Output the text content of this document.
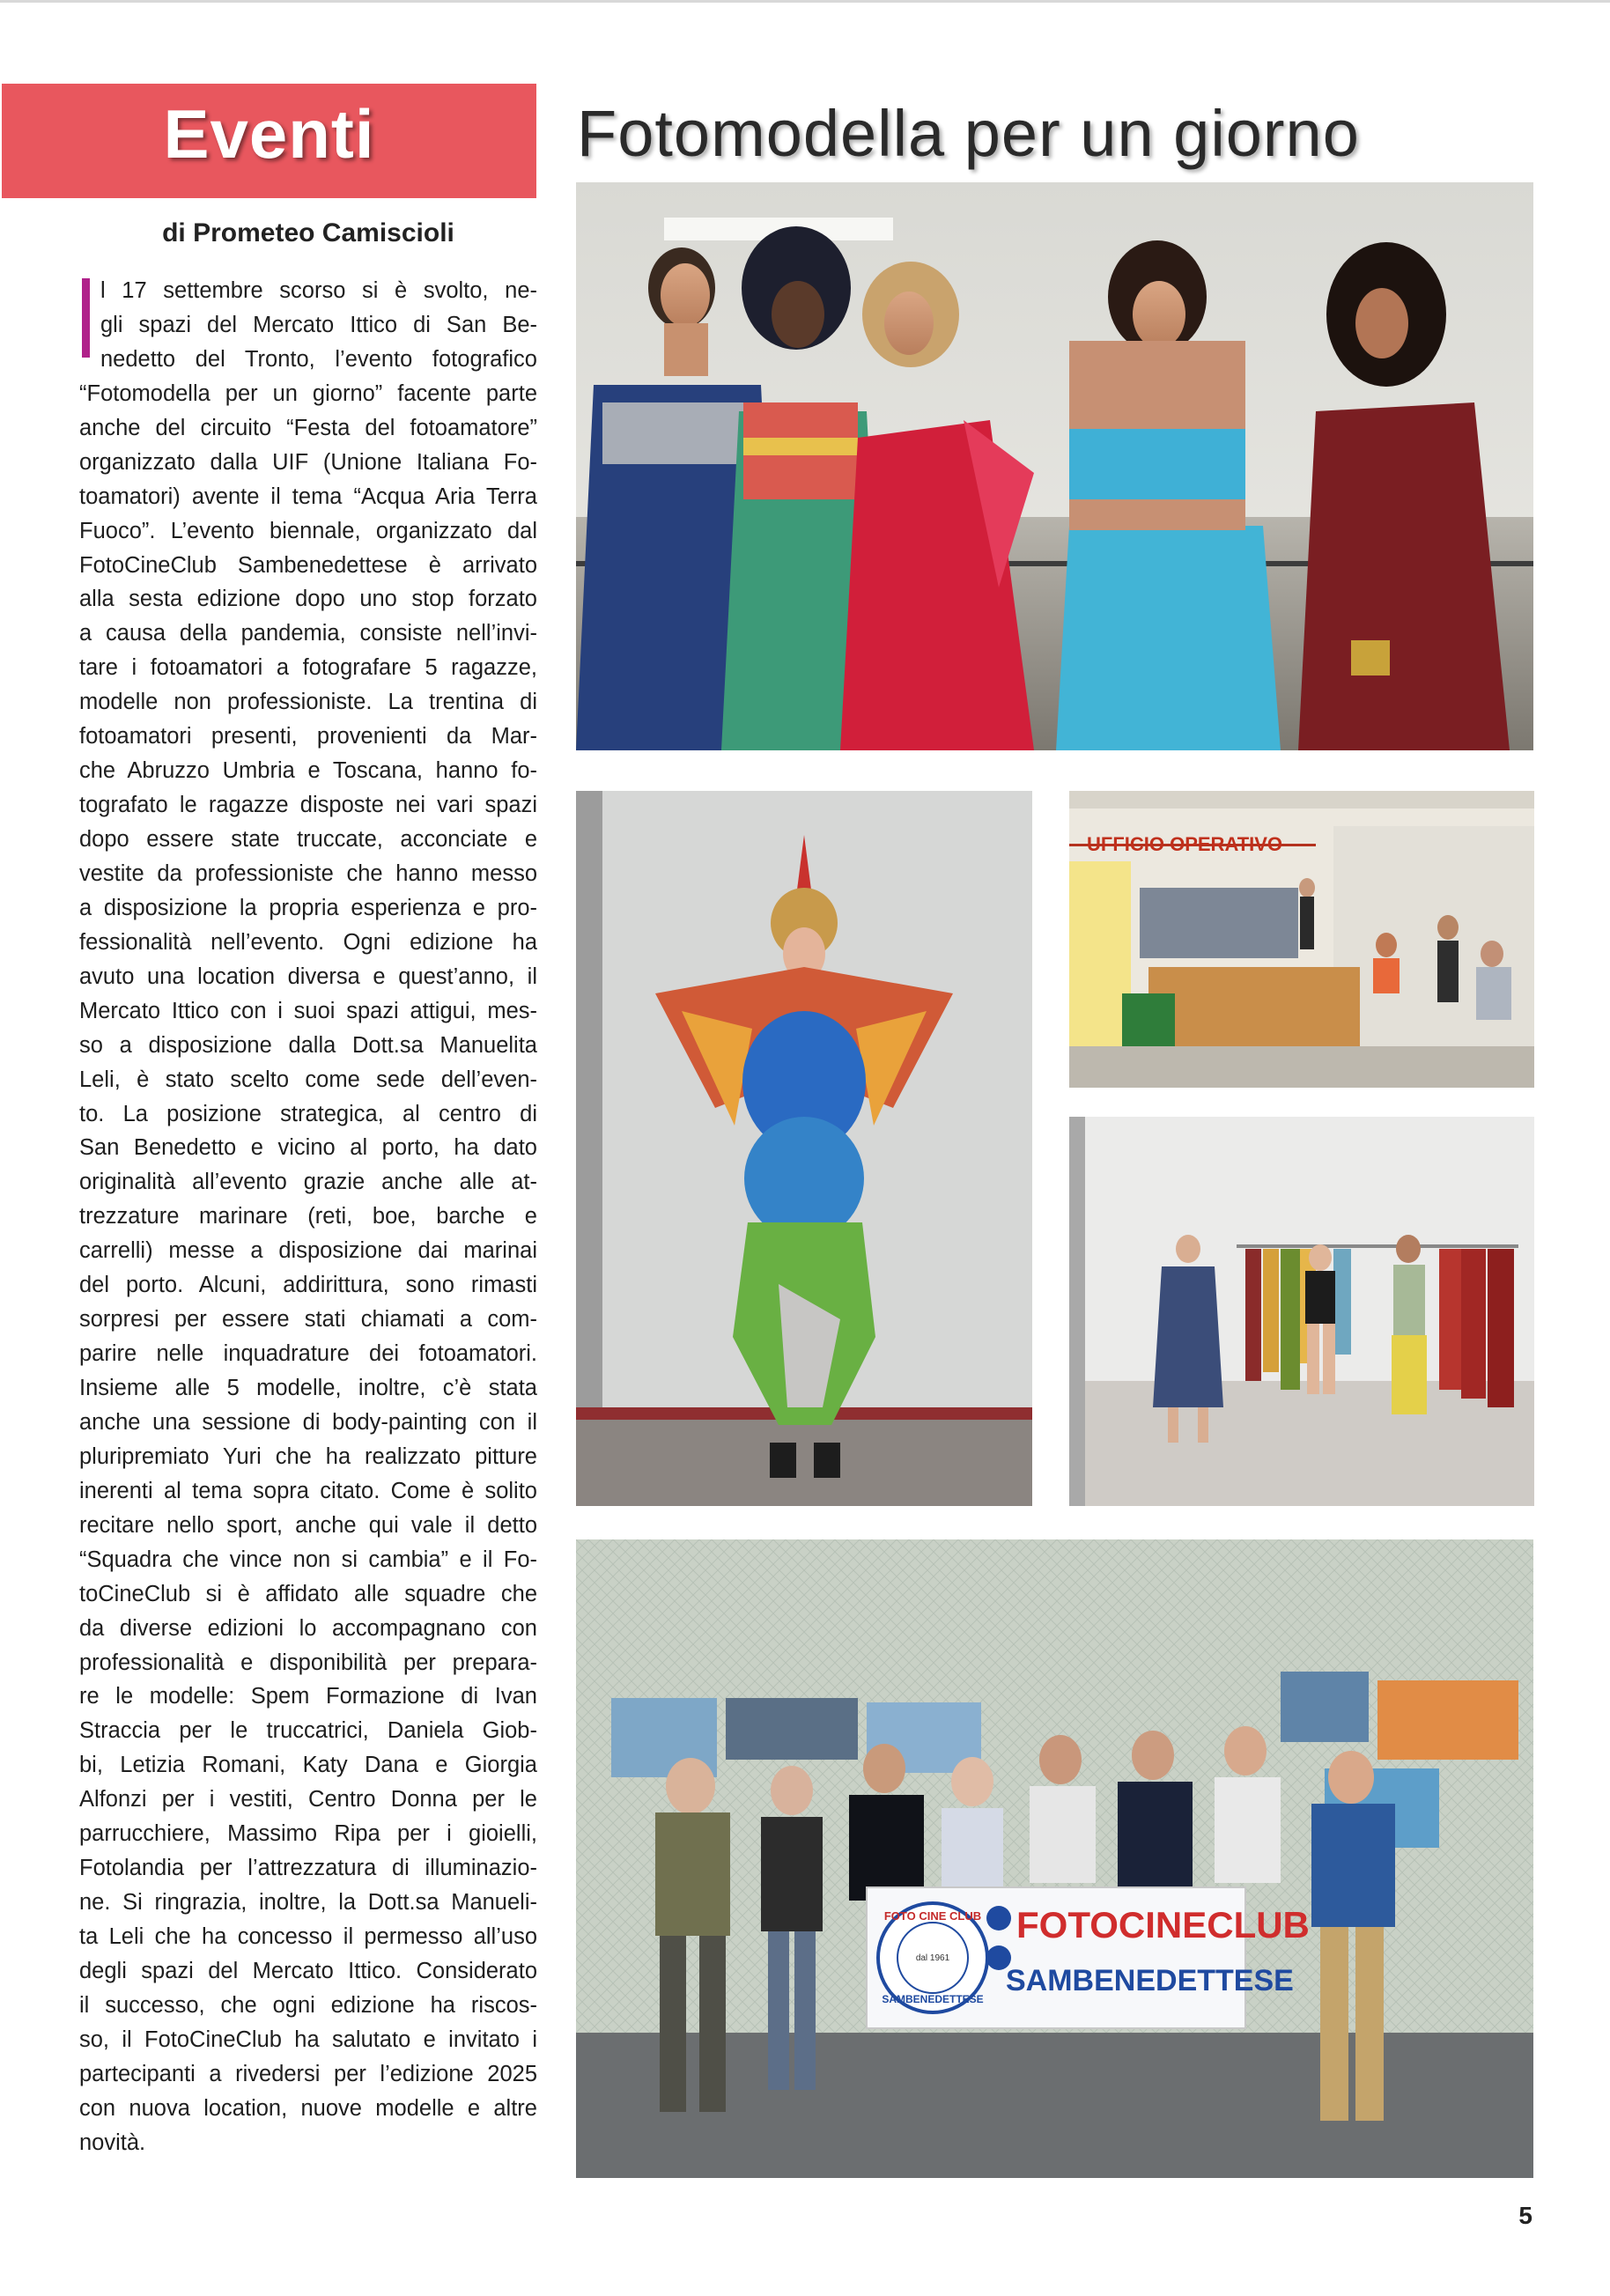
Eventi	Fotomodella per un giorno
di Prometeo Camiscioli
l 17 settembre scorso si è svolto, ne-
gli spazi del Mercato Ittico di San Be-
nedetto del Tronto, l’evento fotografico
“Fotomodella per un giorno” facente parte
anche del circuito “Festa del fotoamatore”
organizzato dalla UIF (Unione Italiana Fo-
toamatori) avente il tema “Acqua Aria Terra
Fuoco”. L’evento biennale, organizzato dal
FotoCineClub Sambenedettese è arrivato
alla sesta edizione dopo uno stop forzato
a causa della pandemia, consiste nell’invi-
tare i fotoamatori a fotografare 5 ragazze,
modelle non professioniste. La trentina di
fotoamatori presenti, provenienti da Mar-
che Abruzzo Umbria e Toscana, hanno fo-
tografato le ragazze disposte nei vari spazi
dopo essere state truccate, acconciate e
vestite da professioniste che hanno messo
a disposizione la propria esperienza e pro-
fessionalità nell’evento. Ogni edizione ha
avuto una location diversa e quest’anno, il
Mercato Ittico con i suoi spazi attigui, mes-
so a disposizione dalla Dott.sa Manuelita
Leli, è stato scelto come sede dell’even-
to. La posizione strategica, al centro di
San Benedetto e vicino al porto, ha dato
originalità all’evento grazie anche alle at-
trezzature marinare (reti, boe, barche e
carrelli) messe a disposizione dai marinai
del porto. Alcuni, addirittura, sono rimasti
sorpresi per essere stati chiamati a com-
parire nelle inquadrature dei fotoamatori.
Insieme alle 5 modelle, inoltre, c’è stata
anche una sessione di body-painting con il
pluripremiato Yuri che ha realizzato pitture
inerenti al tema sopra citato. Come è solito
recitare nello sport, anche qui vale il detto
“Squadra che vince non si cambia” e il Fo-
toCineClub si è affidato alle squadre che
da diverse edizioni lo accompagnano con
professionalità e disponibilità per prepara-
re le modelle: Spem Formazione di Ivan
Straccia per le truccatrici, Daniela Giob-
bi, Letizia Romani, Katy Dana e Giorgia
Alfonzi per i vestiti, Centro Donna per le
parrucchiere, Massimo Ripa per i gioielli,
Fotolandia per l’attrezzatura di illuminazio-
ne. Si ringrazia, inoltre, la Dott.sa Manueli-
ta Leli che ha concesso il permesso all’uso
degli spazi del Mercato Ittico. Considerato
il successo, che ogni edizione ha riscos-
so, il FotoCineClub ha salutato e invitato i
partecipanti a rivedersi per l’edizione 2025
con nuova location, nuove modelle e altre
novità.
UFFICIO OPERATIVO
FOTO CINE CLUB
dal 1961
SAMBENEDETTESE
FOTOCINECLUB
SAMBENEDETTESE
5
